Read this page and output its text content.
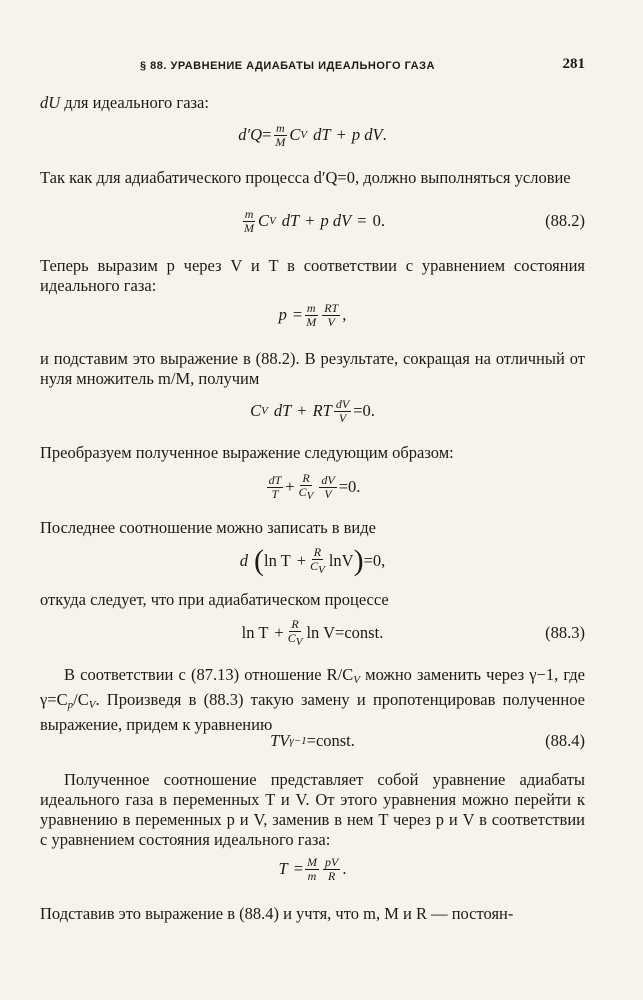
§ 88. УРАВНЕНИЕ АДИАБАТЫ ИДЕАЛЬНОГО ГАЗА	281
dU для идеального газа:
$d'Q = \frac{m}{M}$ C V dT + p dV .
Так как для адиабатического процесса d′Q=0, должно выполняться условие
$\frac{m}{M}$ C V dT + p dV = 0.	(88.2)
Теперь выразим p через V и T в соответствии с уравнением состояния идеального газа:
$p = \frac{m}{M} \frac{RT}{V}$ ,
и подставим это выражение в (88.2). В результате, сокращая на отличный от нуля множитель m/M, получим
C V dT + RT $\frac{dV}{V} = 0$.
Преобразуем полученное выражение следующим образом:
$\frac{dT}{T} + \frac{R}{CV} \frac{dV}{V} = 0$.
Последнее соотношение можно записать в виде
d ( $\ln T + \frac{R}{CV}$ lnV ) = 0,
откуда следует, что при адиабатическом процессе
$\ln T + \frac{R}{CV}$ ln V = const.	(88.3)
В соответствии с (87.13) отношение $R/C_V$ можно заменить через γ−1, где $\gamma=C_p/C_V$. Произведя в (88.3) такую замену и пропотенцировав полученное выражение, придем к уравнению
TV γ−1 = const.	(88.4)
Полученное соотношение представляет собой уравнение адиабаты идеального газа в переменных T и V. От этого уравнения можно перейти к уравнению в переменных p и V, заменив в нем T через p и V в соответствии с уравнением состояния идеального газа:
$T = \frac{M}{m} \frac{pV}{R}$ .
Подставив это выражение в (88.4) и учтя, что m, M и R — постоян-
